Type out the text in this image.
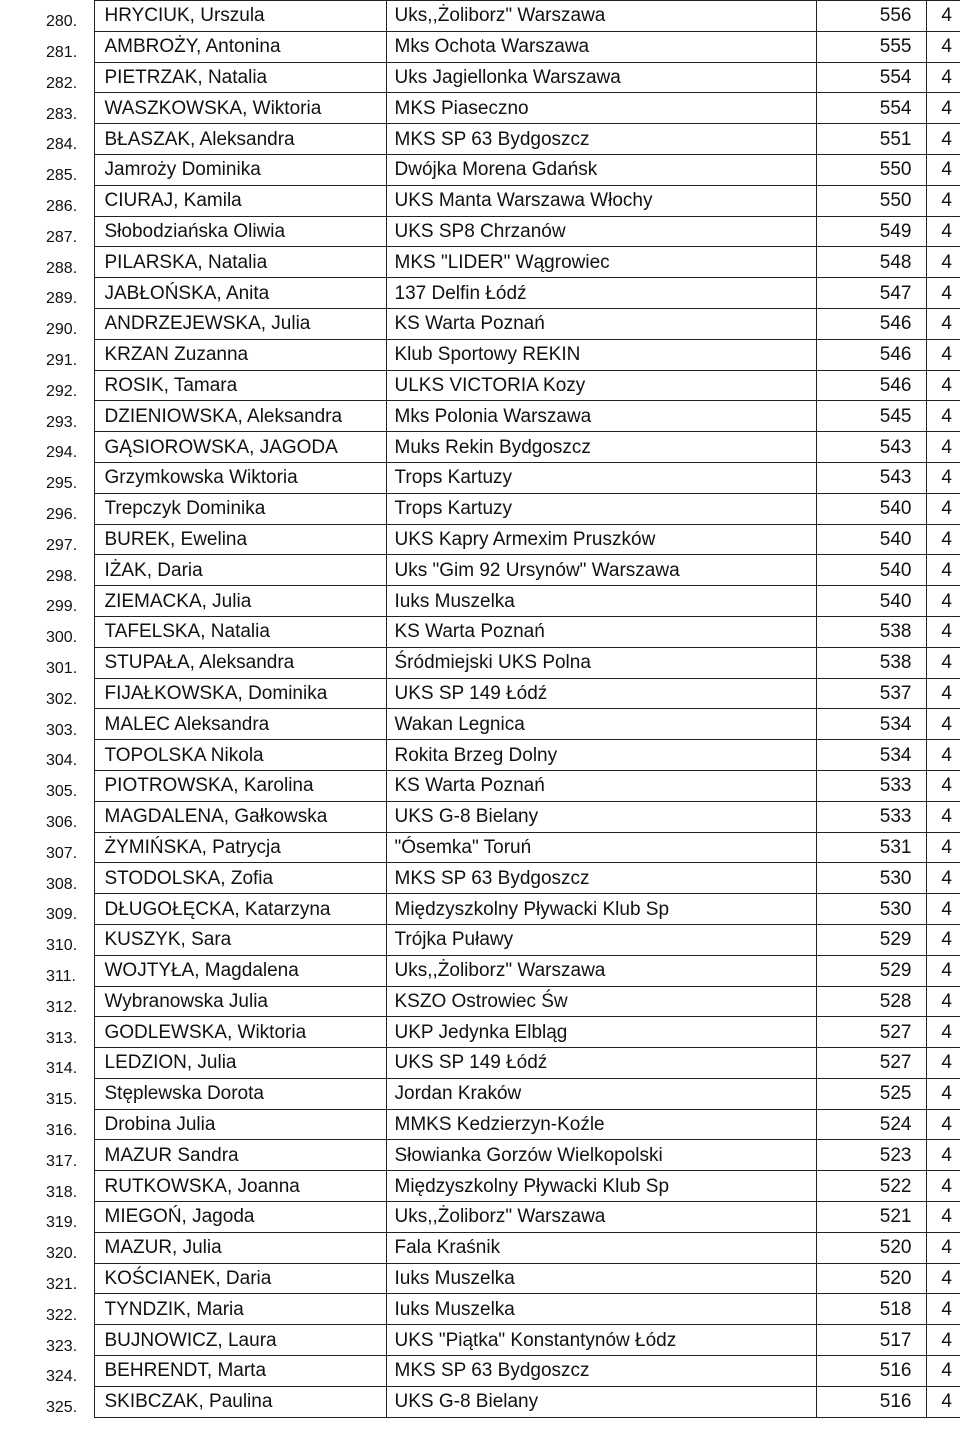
280.	HRYCIUK, Urszula	Uks,,Żoliborz" Warszawa	556	4
281.	AMBROŻY, Antonina	Mks Ochota Warszawa	555	4
282.	PIETRZAK, Natalia	Uks Jagiellonka Warszawa	554	4
283.	WASZKOWSKA, Wiktoria	MKS Piaseczno	554	4
284.	BŁASZAK, Aleksandra	MKS SP 63 Bydgoszcz	551	4
285.	Jamroży Dominika	Dwójka Morena Gdańsk	550	4
286.	CIURAJ, Kamila	UKS Manta Warszawa Włochy	550	4
287.	Słobodziańska Oliwia	UKS SP8 Chrzanów	549	4
288.	PILARSKA, Natalia	MKS "LIDER" Wągrowiec	548	4
289.	JABŁOŃSKA, Anita	137 Delfin Łódź	547	4
290.	ANDRZEJEWSKA, Julia	KS Warta Poznań	546	4
291.	KRZAN Zuzanna	Klub Sportowy REKIN	546	4
292.	ROSIK, Tamara	ULKS VICTORIA Kozy	546	4
293.	DZIENIOWSKA, Aleksandra	Mks Polonia Warszawa	545	4
294.	GĄSIOROWSKA, JAGODA	Muks Rekin Bydgoszcz	543	4
295.	Grzymkowska Wiktoria	Trops Kartuzy	543	4
296.	Trepczyk Dominika	Trops Kartuzy	540	4
297.	BUREK, Ewelina	UKS Kapry Armexim Pruszków	540	4
298.	IŻAK, Daria	Uks "Gim 92 Ursynów" Warszawa	540	4
299.	ZIEMACKA, Julia	Iuks Muszelka	540	4
300.	TAFELSKA, Natalia	KS Warta Poznań	538	4
301.	STUPAŁA, Aleksandra	Śródmiejski UKS Polna	538	4
302.	FIJAŁKOWSKA, Dominika	UKS SP 149 Łódź	537	4
303.	MALEC Aleksandra	Wakan Legnica	534	4
304.	TOPOLSKA Nikola	Rokita Brzeg Dolny	534	4
305.	PIOTROWSKA, Karolina	KS Warta Poznań	533	4
306.	MAGDALENA, Gałkowska	UKS G-8 Bielany	533	4
307.	ŻYMIŃSKA, Patrycja	"Ósemka" Toruń	531	4
308.	STODOLSKA, Zofia	MKS SP 63 Bydgoszcz	530	4
309.	DŁUGOŁĘCKA, Katarzyna	Międzyszkolny Pływacki Klub Sp	530	4
310.	KUSZYK, Sara	Trójka Puławy	529	4
311.	WOJTYŁA, Magdalena	Uks,,Żoliborz" Warszawa	529	4
312.	Wybranowska Julia	KSZO Ostrowiec Św	528	4
313.	GODLEWSKA, Wiktoria	UKP Jedynka Elbląg	527	4
314.	LEDZION, Julia	UKS SP 149 Łódź	527	4
315.	Stęplewska Dorota	Jordan Kraków	525	4
316.	Drobina Julia	MMKS Kedzierzyn-Koźle	524	4
317.	MAZUR Sandra	Słowianka Gorzów Wielkopolski	523	4
318.	RUTKOWSKA, Joanna	Międzyszkolny Pływacki Klub Sp	522	4
319.	MIEGOŃ, Jagoda	Uks,,Żoliborz" Warszawa	521	4
320.	MAZUR, Julia	Fala Kraśnik	520	4
321.	KOŚCIANEK, Daria	Iuks Muszelka	520	4
322.	TYNDZIK, Maria	Iuks Muszelka	518	4
323.	BUJNOWICZ, Laura	UKS "Piątka" Konstantynów Łódz	517	4
324.	BEHRENDT, Marta	MKS SP 63 Bydgoszcz	516	4
325.	SKIBCZAK, Paulina	UKS G-8 Bielany	516	4
